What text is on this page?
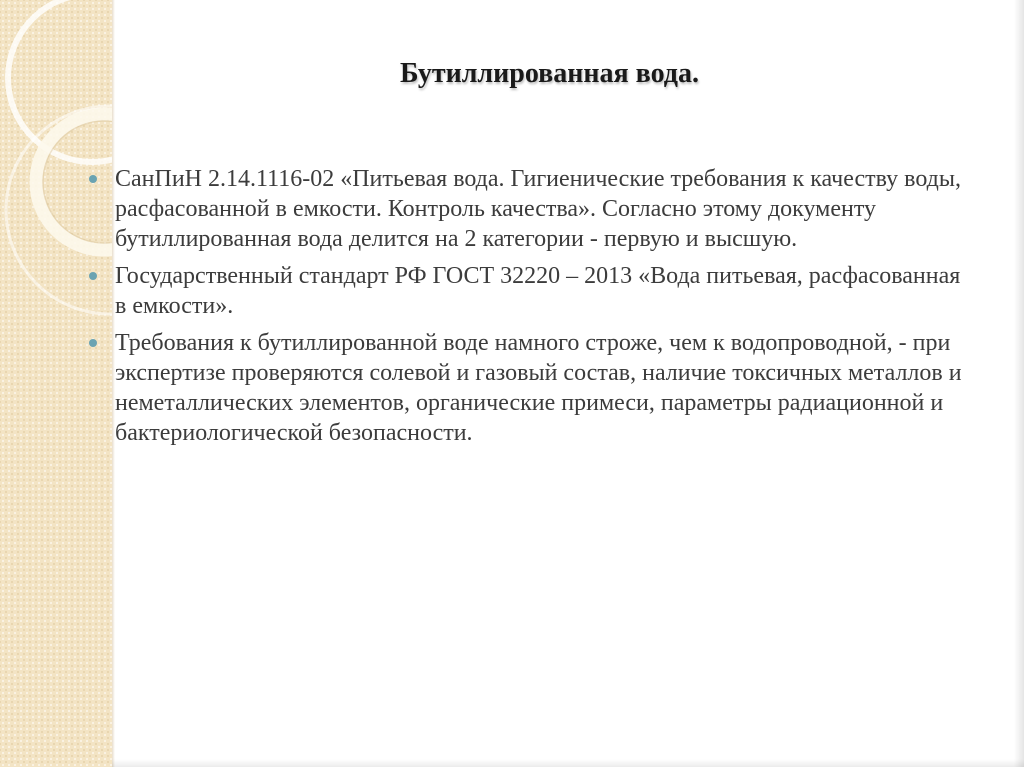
Бутиллированная вода.
СанПиН 2.14.1116-02 «Питьевая вода. Гигиенические требования к качеству воды, расфасованной в емкости. Контроль качества». Согласно этому документу бутиллированная вода делится на 2 категории - первую и высшую.
Государственный стандарт РФ ГОСТ 32220 – 2013 «Вода питьевая, расфасованная в емкости».
Требования к бутиллированной воде намного строже, чем к водопроводной, - при экспертизе проверяются солевой и газовый состав, наличие токсичных металлов и неметаллических элементов, органические примеси, параметры радиационной и бактериологической безопасности.
